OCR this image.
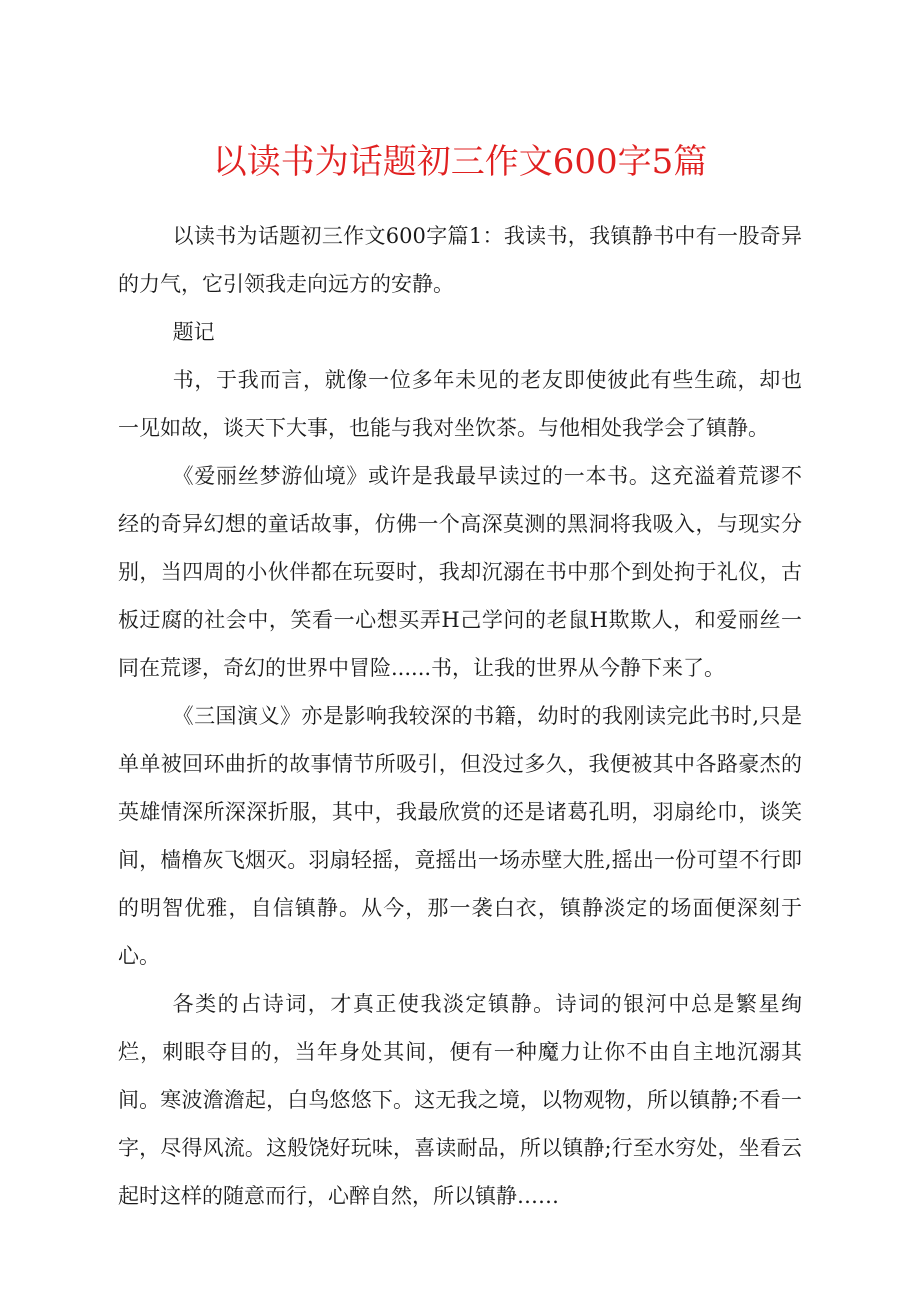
以读书为话题初三作文600字5篇

以读书为话题初三作文600字篇1：我读书，我镇静书中有一股奇异的力气，它引领我走向远方的安静。

题记

书，于我而言，就像一位多年未见的老友即使彼此有些生疏，却也一见如故，谈天下大事，也能与我对坐饮茶。与他相处我学会了镇静。

《爱丽丝梦游仙境》或许是我最早读过的一本书。这充溢着荒谬不经的奇异幻想的童话故事，仿佛一个高深莫测的黑洞将我吸入，与现实分别，当四周的小伙伴都在玩耍时，我却沉溺在书中那个到处拘于礼仪，古板迂腐的社会中，笑看一心想买弄H己学问的老鼠H欺欺人，和爱丽丝一同在荒谬，奇幻的世界中冒险......书，让我的世界从今静下来了。

《三国演义》亦是影响我较深的书籍，幼时的我刚读完此书时,只是单单被回环曲折的故事情节所吸引，但没过多久，我便被其中各路豪杰的英雄情深所深深折服，其中，我最欣赏的还是诸葛孔明，羽扇纶巾，谈笑间，樯橹灰飞烟灭。羽扇轻摇，竟摇出一场赤壁大胜,摇出一份可望不行即的明智优雅，自信镇静。从今，那一袭白衣，镇静淡定的场面便深刻于心。

各类的占诗词，才真正使我淡定镇静。诗词的银河中总是繁星绚烂，刺眼夺目的，当年身处其间，便有一种魔力让你不由自主地沉溺其间。寒波澹澹起，白鸟悠悠下。这无我之境，以物观物，所以镇静;不看一字，尽得风流。这般饶好玩味，喜读耐品，所以镇静;行至水穷处，坐看云起时这样的随意而行，心醉自然，所以镇静……
